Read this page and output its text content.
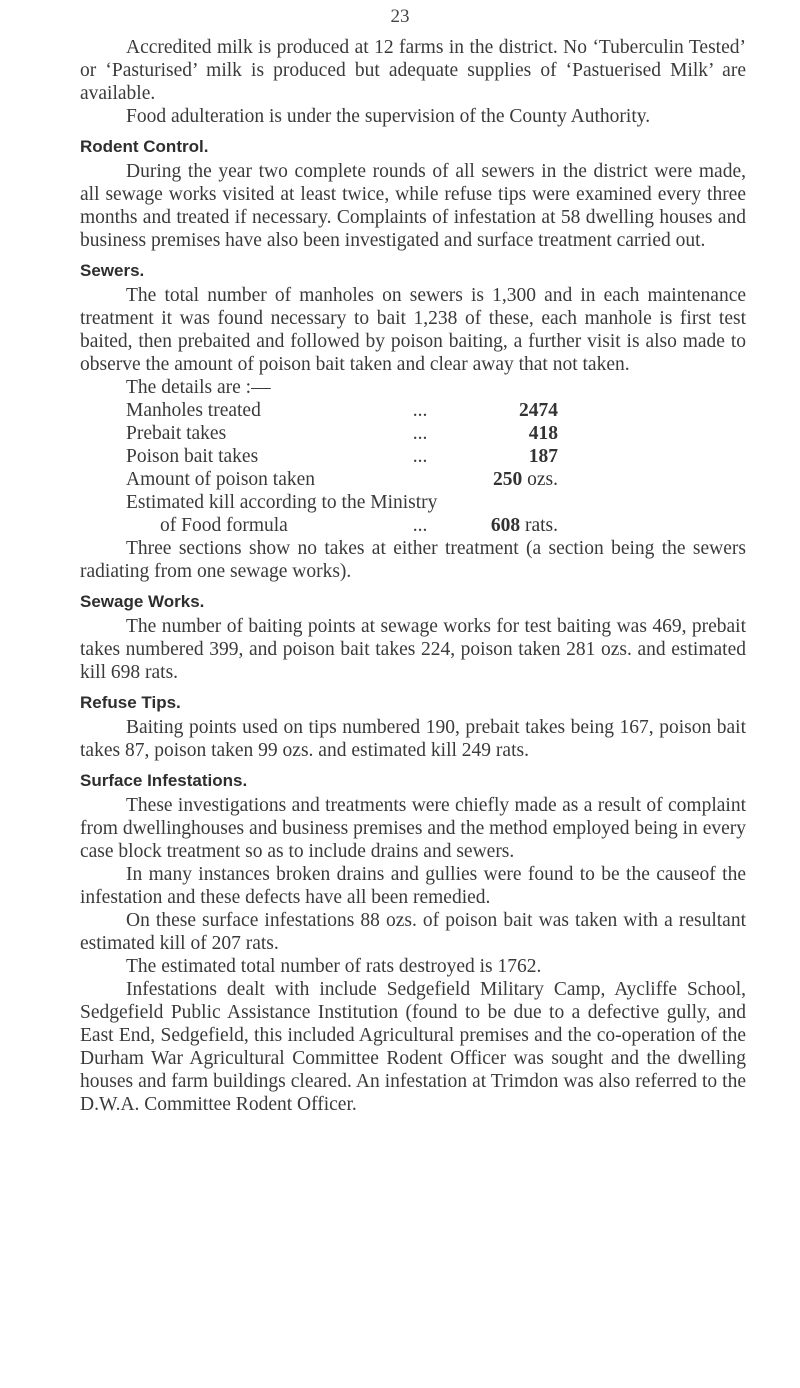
23

Accredited milk is produced at 12 farms in the district. No ‘Tuberculin Tested’ or ‘Pasturised’ milk is produced but adequate supplies of ‘Pastuerised Milk’ are available.

Food adulteration is under the supervision of the County Authority.

Rodent Control.

During the year two complete rounds of all sewers in the district were made, all sewage works visited at least twice, while refuse tips were examined every three months and treated if necessary. Complaints of infestation at 58 dwelling houses and business premises have also been investigated and surface treatment carried out.

Sewers.

The total number of manholes on sewers is 1,300 and in each maintenance treatment it was found necessary to bait 1,238 of these, each manhole is first test baited, then prebaited and followed by poison baiting, a further visit is also made to observe the amount of poison bait taken and clear away that not taken.

The details are :—

Manholes treated	...	2474
Prebait takes	...	418
Poison bait takes	...	187
Amount of poison taken	250 ozs.
Estimated kill according to the Ministry
of Food formula	...	608 rats.

Three sections show no takes at either treatment (a section being the sewers radiating from one sewage works).

Sewage Works.

The number of baiting points at sewage works for test baiting was 469, prebait takes numbered 399, and poison bait takes 224, poison taken 281 ozs. and estimated kill 698 rats.

Refuse Tips.

Baiting points used on tips numbered 190, prebait takes being 167, poison bait takes 87, poison taken 99 ozs. and estimated kill 249 rats.

Surface Infestations.

These investigations and treatments were chiefly made as a result of complaint from dwellinghouses and business premises and the method employed being in every case block treatment so as to include drains and sewers.

In many instances broken drains and gullies were found to be the causeof the infestation and these defects have all been remedied.

On these surface infestations 88 ozs. of poison bait was taken with a resultant estimated kill of 207 rats.

The estimated total number of rats destroyed is 1762.

Infestations dealt with include Sedgefield Military Camp, Aycliffe School, Sedgefield Public Assistance Institution (found to be due to a defective gully, and East End, Sedgefield, this included Agricultural premises and the co-operation of the Durham War Agricultural Committee Rodent Officer was sought and the dwelling houses and farm buildings cleared. An infestation at Trimdon was also referred to the D.W.A. Committee Rodent Officer.
